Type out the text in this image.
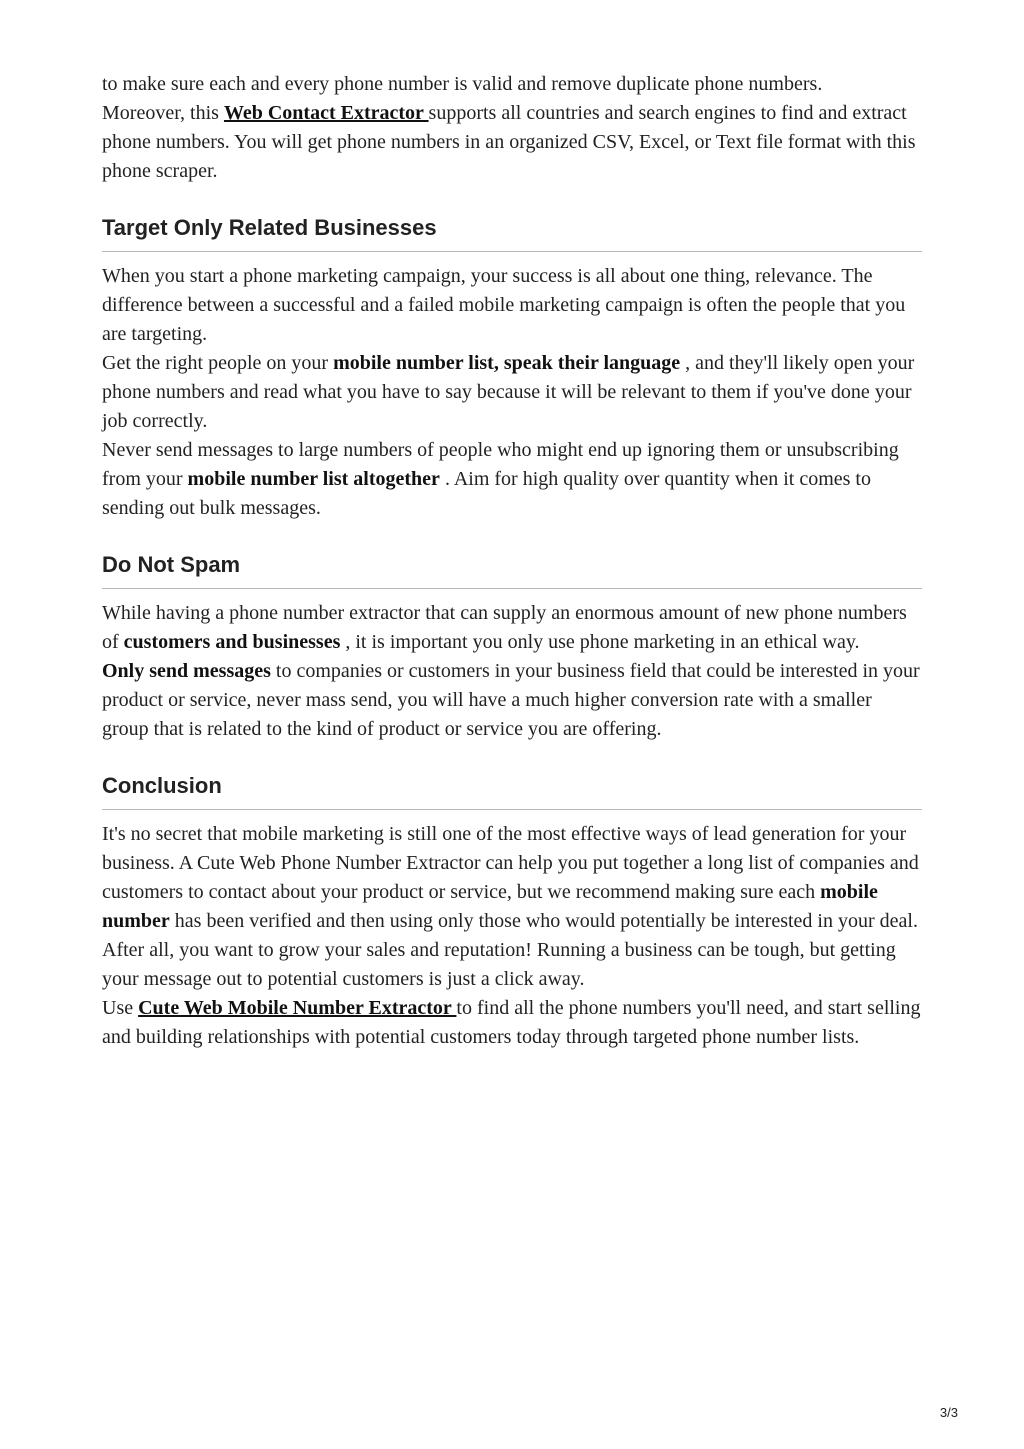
to make sure each and every phone number is valid and remove duplicate phone numbers.

Moreover, this Web Contact Extractor supports all countries and search engines to find and extract phone numbers. You will get phone numbers in an organized CSV, Excel, or Text file format with this phone scraper.

Target Only Related Businesses

When you start a phone marketing campaign, your success is all about one thing, relevance. The difference between a successful and a failed mobile marketing campaign is often the people that you are targeting.

Get the right people on your mobile number list, speak their language , and they'll likely open your phone numbers and read what you have to say because it will be relevant to them if you've done your job correctly.

Never send messages to large numbers of people who might end up ignoring them or unsubscribing from your mobile number list altogether . Aim for high quality over quantity when it comes to sending out bulk messages.

Do Not Spam

While having a phone number extractor that can supply an enormous amount of new phone numbers of customers and businesses , it is important you only use phone marketing in an ethical way.

Only send messages to companies or customers in your business field that could be interested in your product or service, never mass send, you will have a much higher conversion rate with a smaller group that is related to the kind of product or service you are offering.

Conclusion

It's no secret that mobile marketing is still one of the most effective ways of lead generation for your business. A Cute Web Phone Number Extractor can help you put together a long list of companies and customers to contact about your product or service, but we recommend making sure each mobile number has been verified and then using only those who would potentially be interested in your deal.

After all, you want to grow your sales and reputation! Running a business can be tough, but getting your message out to potential customers is just a click away.

Use Cute Web Mobile Number Extractor to find all the phone numbers you'll need, and start selling and building relationships with potential customers today through targeted phone number lists.

3/3
